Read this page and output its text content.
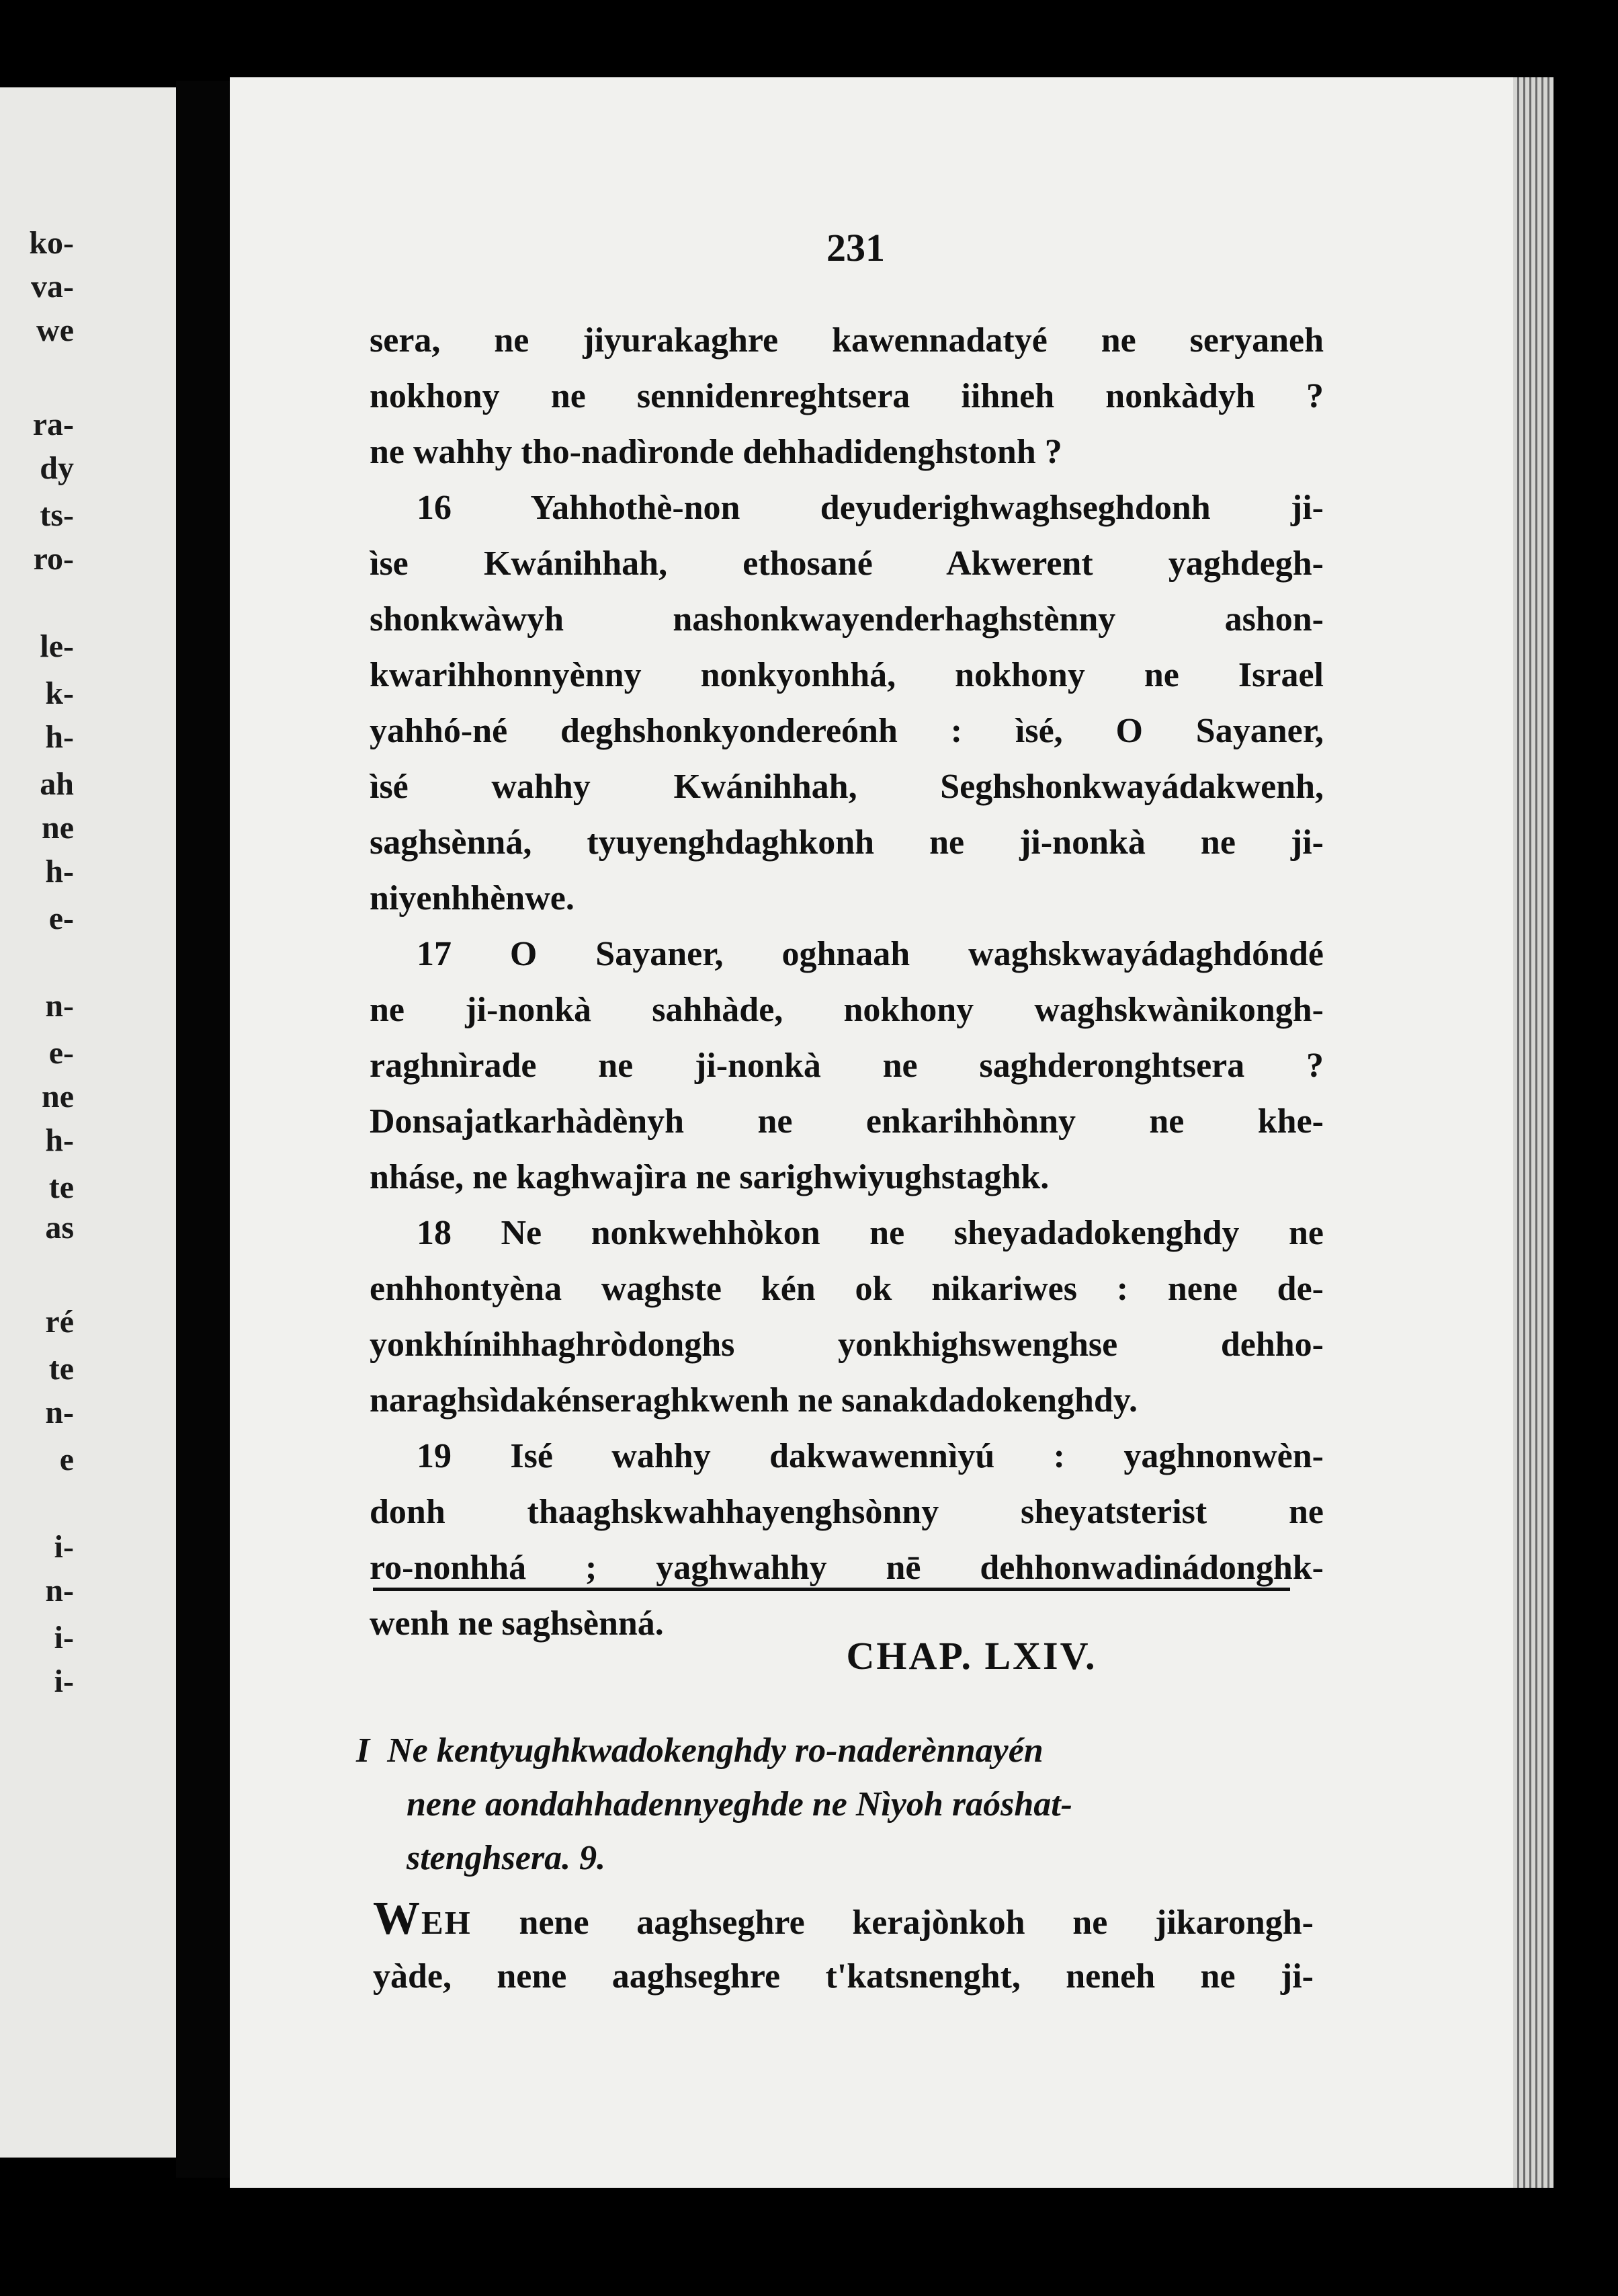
ko-
va-
we
ra-
dy
ts-
ro-
le-
k-
h-
ah
ne
h-
e-
n-
e-
ne
h-
te
as
ré
te
n-
e
i-
n-
i-
i-
231
sera, ne jiyurakaghre kawennadatyé ne seryaneh
nokhony ne sennidenreghtsera iihneh nonkàdyh ?
ne wahhy tho-nadìronde dehhadidenghstonh ?
16 Yahhothè-non deyuderighwaghseghdonh ji-
ìse Kwánihhah, ethosané Akwerent yaghdegh-
shonkwàwyh nashonkwayenderhaghstènny ashon-
kwarihhonnyènny nonkyonhhá, nokhony ne Israel
yahhó-né deghshonkyondereónh : ìsé, O Sayaner,
ìsé wahhy Kwánihhah, Seghshonkwayádakwenh,
saghsènná, tyuyenghdaghkonh ne ji-nonkà ne ji-
niyenhhènwe.
17 O Sayaner, oghnaah waghskwayádaghdóndé
ne ji-nonkà sahhàde, nokhony waghskwànikongh-
raghnìrade ne ji-nonkà ne saghderonghtsera ?
Donsajatkarhàdènyh ne enkarihhònny ne khe-
nháse, ne kaghwajìra ne sarighwiyughstaghk.
18 Ne nonkwehhòkon ne sheyadadokenghdy ne
enhhontyèna waghste kén ok nikariwes : nene de-
yonkhínihhaghròdonghs yonkhighswenghse dehho-
naraghsìdakénseraghkwenh ne sanakdadokenghdy.
19 Isé wahhy dakwawennìyú : yaghnonwèn-
donh thaaghskwahhayenghsònny sheyatsterist ne
ro-nonhhá ; yaghwahhy nē dehhonwadinádonghk-
wenh ne saghsènná.
CHAP. LXIV.
I Ne kentyughkwadokenghdy ro-naderènnayén
nene aondahhadennyeghde ne Nìyoh raóshat-
stenghsera. 9.
Weh nene aaghseghre kerajònkoh ne jikarongh-
yàde, nene aaghseghre t'katsnenght, neneh ne ji-
